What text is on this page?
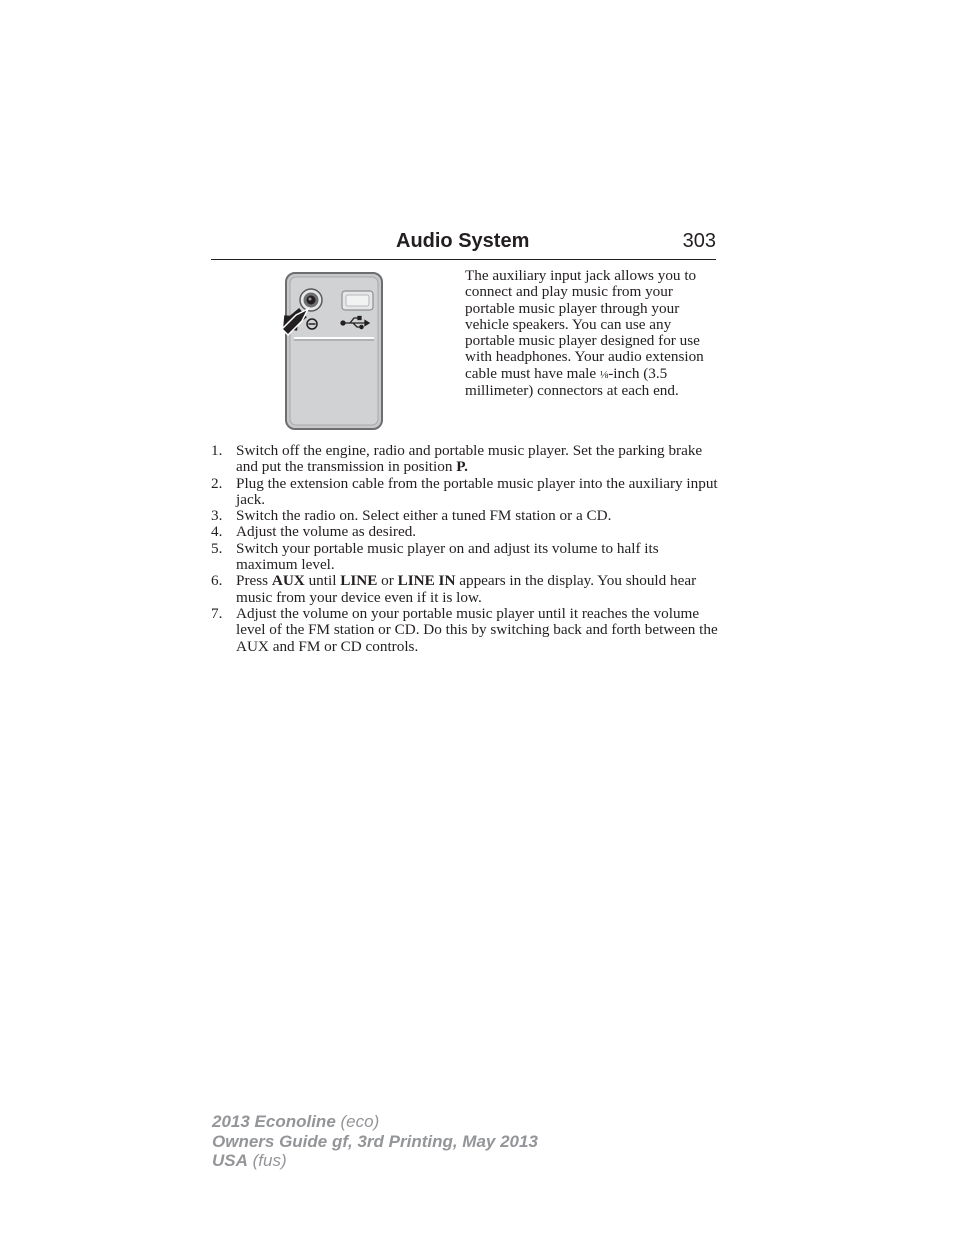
Audio System	303

The auxiliary input jack allows you to connect and play music from your portable music player through your vehicle speakers. You can use any portable music player designed for use with headphones. Your audio extension cable must have male ⅛-inch (3.5 millimeter) connectors at each end.

1. Switch off the engine, radio and portable music player. Set the parking brake and put the transmission in position P.
2. Plug the extension cable from the portable music player into the auxiliary input jack.
3. Switch the radio on. Select either a tuned FM station or a CD.
4. Adjust the volume as desired.
5. Switch your portable music player on and adjust its volume to half its maximum level.
6. Press AUX until LINE or LINE IN appears in the display. You should hear music from your device even if it is low.
7. Adjust the volume on your portable music player until it reaches the volume level of the FM station or CD. Do this by switching back and forth between the AUX and FM or CD controls.
2013 Econoline (eco)
Owners Guide gf, 3rd Printing, May 2013
USA (fus)
